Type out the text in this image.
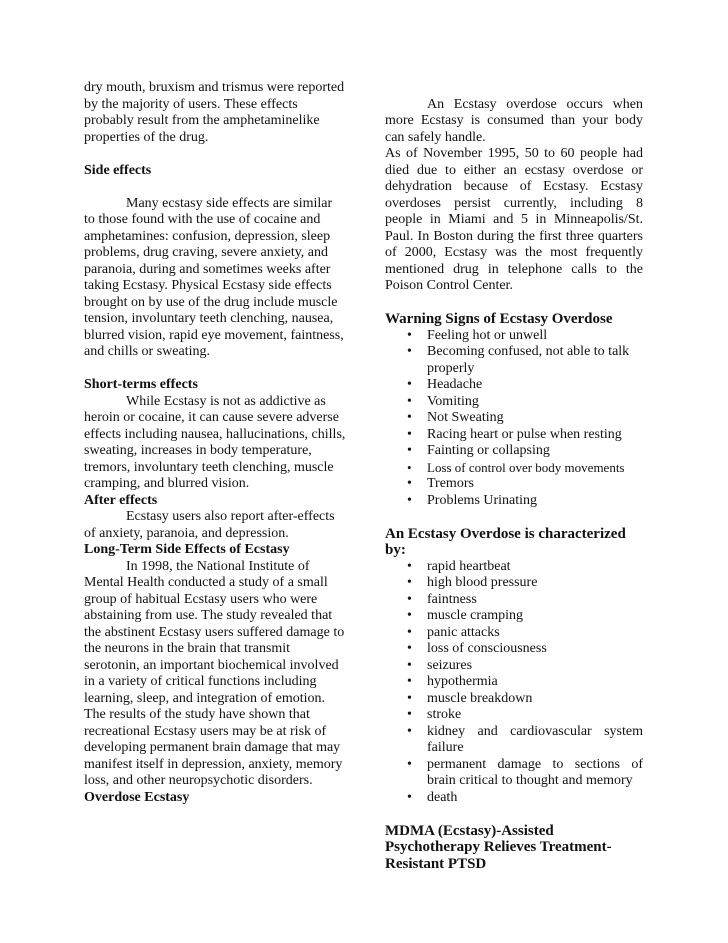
dry mouth, bruxism and trismus were reported by the majority of users. These effects probably result from the amphetaminelike properties of the drug.

Side effects

Many ecstasy side effects are similar to those found with the use of cocaine and amphetamines: confusion, depression, sleep problems, drug craving, severe anxiety, and paranoia, during and sometimes weeks after taking Ecstasy. Physical Ecstasy side effects brought on by use of the drug include muscle tension, involuntary teeth clenching, nausea, blurred vision, rapid eye movement, faintness, and chills or sweating.

Short-terms effects

While Ecstasy is not as addictive as heroin or cocaine, it can cause severe adverse effects including nausea, hallucinations, chills, sweating, increases in body temperature, tremors, involuntary teeth clenching, muscle cramping, and blurred vision.

After effects

Ecstasy users also report after-effects of anxiety, paranoia, and depression.

Long-Term Side Effects of Ecstasy

In 1998, the National Institute of Mental Health conducted a study of a small group of habitual Ecstasy users who were abstaining from use. The study revealed that the abstinent Ecstasy users suffered damage to the neurons in the brain that transmit serotonin, an important biochemical involved in a variety of critical functions including learning, sleep, and integration of emotion. The results of the study have shown that recreational Ecstasy users may be at risk of developing permanent brain damage that may manifest itself in depression, anxiety, memory loss, and other neuropsychotic disorders.

Overdose Ecstasy

An Ecstasy overdose occurs when more Ecstasy is consumed than your body can safely handle.

As of November 1995, 50 to 60 people had died due to either an ecstasy overdose or dehydration because of Ecstasy. Ecstasy overdoses persist currently, including 8 people in Miami and 5 in Minneapolis/St. Paul. In Boston during the first three quarters of 2000, Ecstasy was the most frequently mentioned drug in telephone calls to the Poison Control Center.

Warning Signs of Ecstasy Overdose

• Feeling hot or unwell
• Becoming confused, not able to talk properly
• Headache
• Vomiting
• Not Sweating
• Racing heart or pulse when resting
• Fainting or collapsing
• Loss of control over body movements
• Tremors
• Problems Urinating

An Ecstasy Overdose is characterized by:

• rapid heartbeat
• high blood pressure
• faintness
• muscle cramping
• panic attacks
• loss of consciousness
• seizures
• hypothermia
• muscle breakdown
• stroke
• kidney and cardiovascular system failure
• permanent damage to sections of brain critical to thought and memory
• death

MDMA (Ecstasy)-Assisted Psychotherapy Relieves Treatment-Resistant PTSD
